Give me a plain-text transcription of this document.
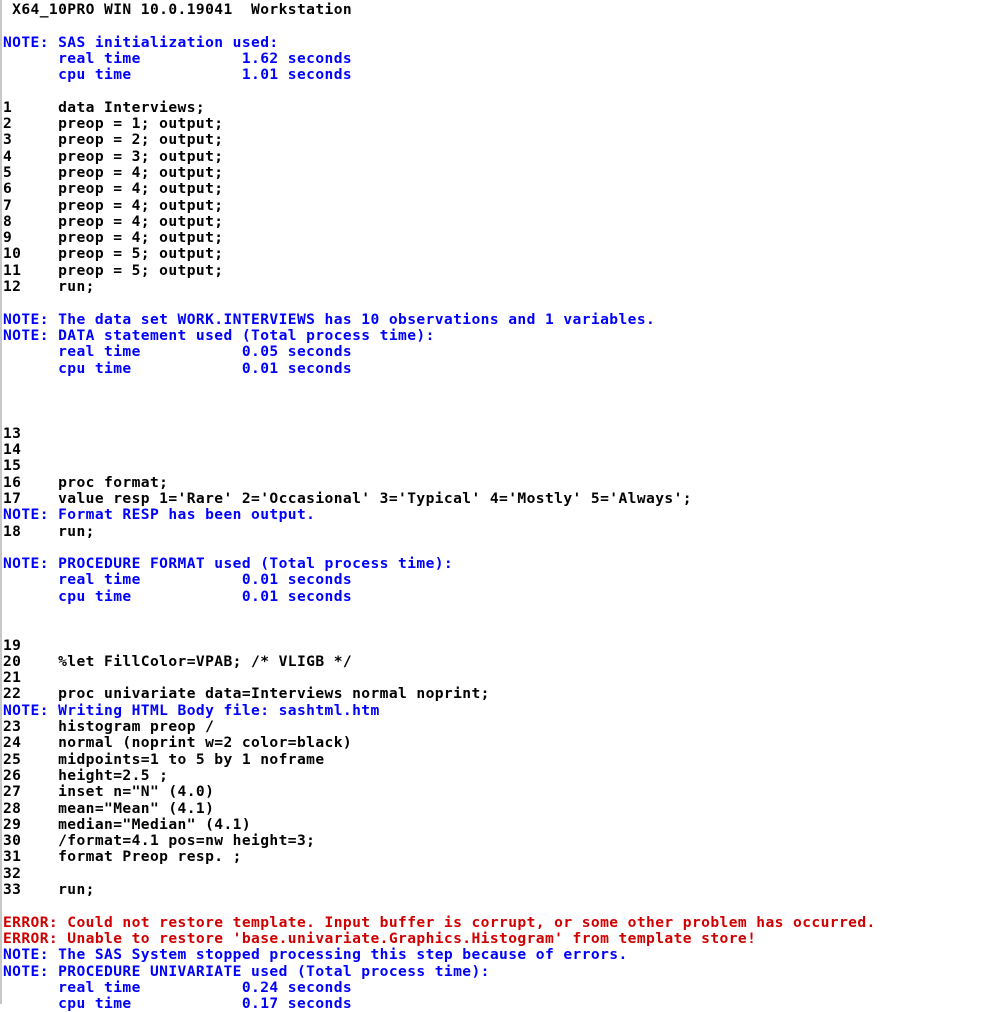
X64_10PRO WIN 10.0.19041  Workstation
NOTE: SAS initialization used:
real time           1.62 seconds
cpu time            1.01 seconds
1     data Interviews;
2     preop = 1; output;
3     preop = 2; output;
4     preop = 3; output;
5     preop = 4; output;
6     preop = 4; output;
7     preop = 4; output;
8     preop = 4; output;
9     preop = 4; output;
10    preop = 5; output;
11    preop = 5; output;
12    run;
NOTE: The data set WORK.INTERVIEWS has 10 observations and 1 variables.
NOTE: DATA statement used (Total process time):
real time           0.05 seconds
cpu time            0.01 seconds
13
14
15
16    proc format;
17    value resp 1='Rare' 2='Occasional' 3='Typical' 4='Mostly' 5='Always';
NOTE: Format RESP has been output.
18    run;
NOTE: PROCEDURE FORMAT used (Total process time):
real time           0.01 seconds
cpu time            0.01 seconds
19
20    %let FillColor=VPAB; /* VLIGB */
21
22    proc univariate data=Interviews normal noprint;
NOTE: Writing HTML Body file: sashtml.htm
23    histogram preop /
24    normal (noprint w=2 color=black)
25    midpoints=1 to 5 by 1 noframe
26    height=2.5 ;
27    inset n="N" (4.0)
28    mean="Mean" (4.1)
29    median="Median" (4.1)
30    /format=4.1 pos=nw height=3;
31    format Preop resp. ;
32
33    run;
ERROR: Could not restore template. Input buffer is corrupt, or some other problem has occurred.
ERROR: Unable to restore 'base.univariate.Graphics.Histogram' from template store!
NOTE: The SAS System stopped processing this step because of errors.
NOTE: PROCEDURE UNIVARIATE used (Total process time):
real time           0.24 seconds
cpu time            0.17 seconds
